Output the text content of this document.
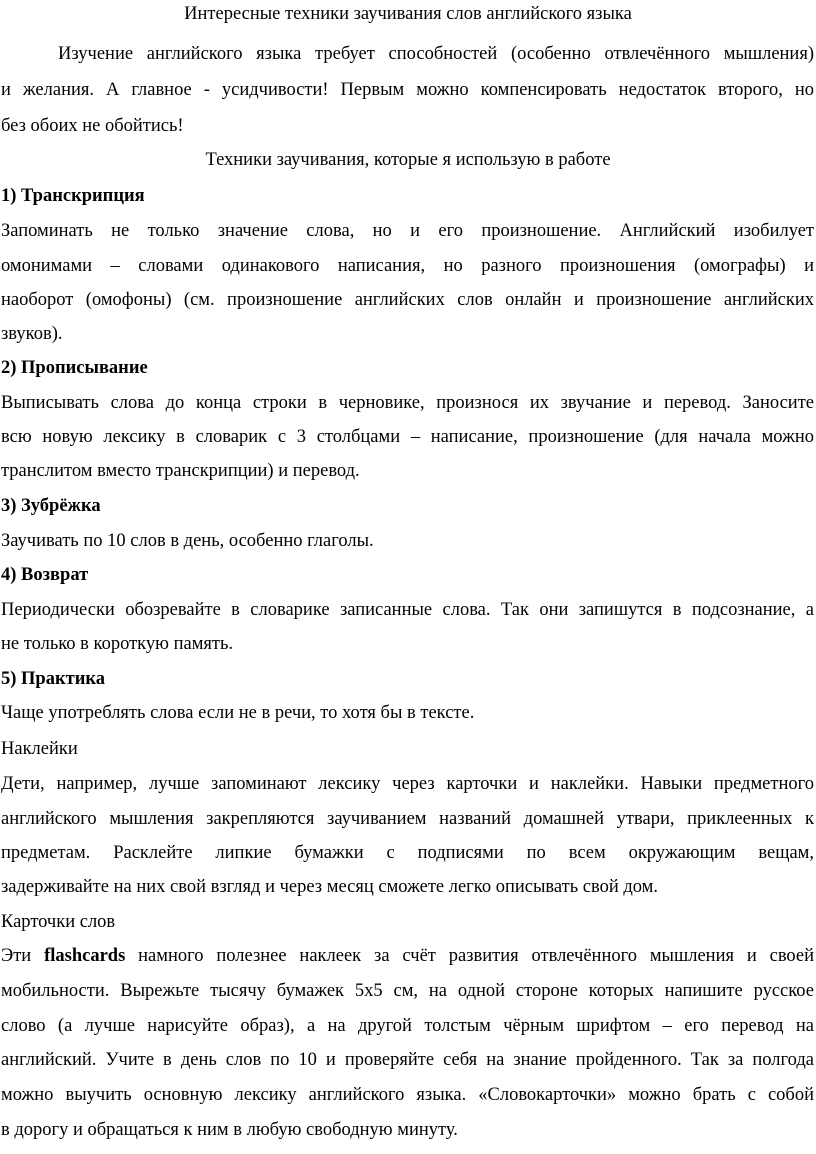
Интересные техники заучивания слов английского языка
Изучение английского языка требует способностей (особенно отвлечённого мышления)
и желания. А главное - усидчивости! Первым можно компенсировать недостаток второго, но
без обоих не обойтись!
Техники заучивания, которые я использую в работе
1) Транскрипция
Запоминать не только значение слова, но и его произношение. Английский изобилует
омонимами – словами одинакового написания, но разного произношения (омографы) и
наоборот (омофоны) (см. произношение английских слов онлайн и произношение английских
звуков).
2) Прописывание
Выписывать слова до конца строки в черновике, произнося их звучание и перевод. Заносите
всю новую лексику в словарик с 3 столбцами – написание, произношение (для начала можно
транслитом вместо транскрипции) и перевод.
3) Зубрёжка
Заучивать по 10 слов в день, особенно глаголы.
4) Возврат
Периодически обозревайте в словарике записанные слова. Так они запишутся в подсознание, а
не только в короткую память.
5) Практика
Чаще употреблять слова если не в речи, то хотя бы в тексте.
Наклейки
Дети, например, лучше запоминают лексику через карточки и наклейки. Навыки предметного
английского мышления закрепляются заучиванием названий домашней утвари, приклеенных к
предметам. Расклейте липкие бумажки с подписями по всем окружающим вещам,
задерживайте на них свой взгляд и через месяц сможете легко описывать свой дом.
Карточки слов
Эти flashcards намного полезнее наклеек за счёт развития отвлечённого мышления и своей
мобильности. Вырежьте тысячу бумажек 5x5 см, на одной стороне которых напишите русское
слово (а лучше нарисуйте образ), а на другой толстым чёрным шрифтом – его перевод на
английский. Учите в день слов по 10 и проверяйте себя на знание пройденного. Так за полгода
можно выучить основную лексику английского языка. «Словокарточки» можно брать с собой
в дорогу и обращаться к ним в любую свободную минуту.
